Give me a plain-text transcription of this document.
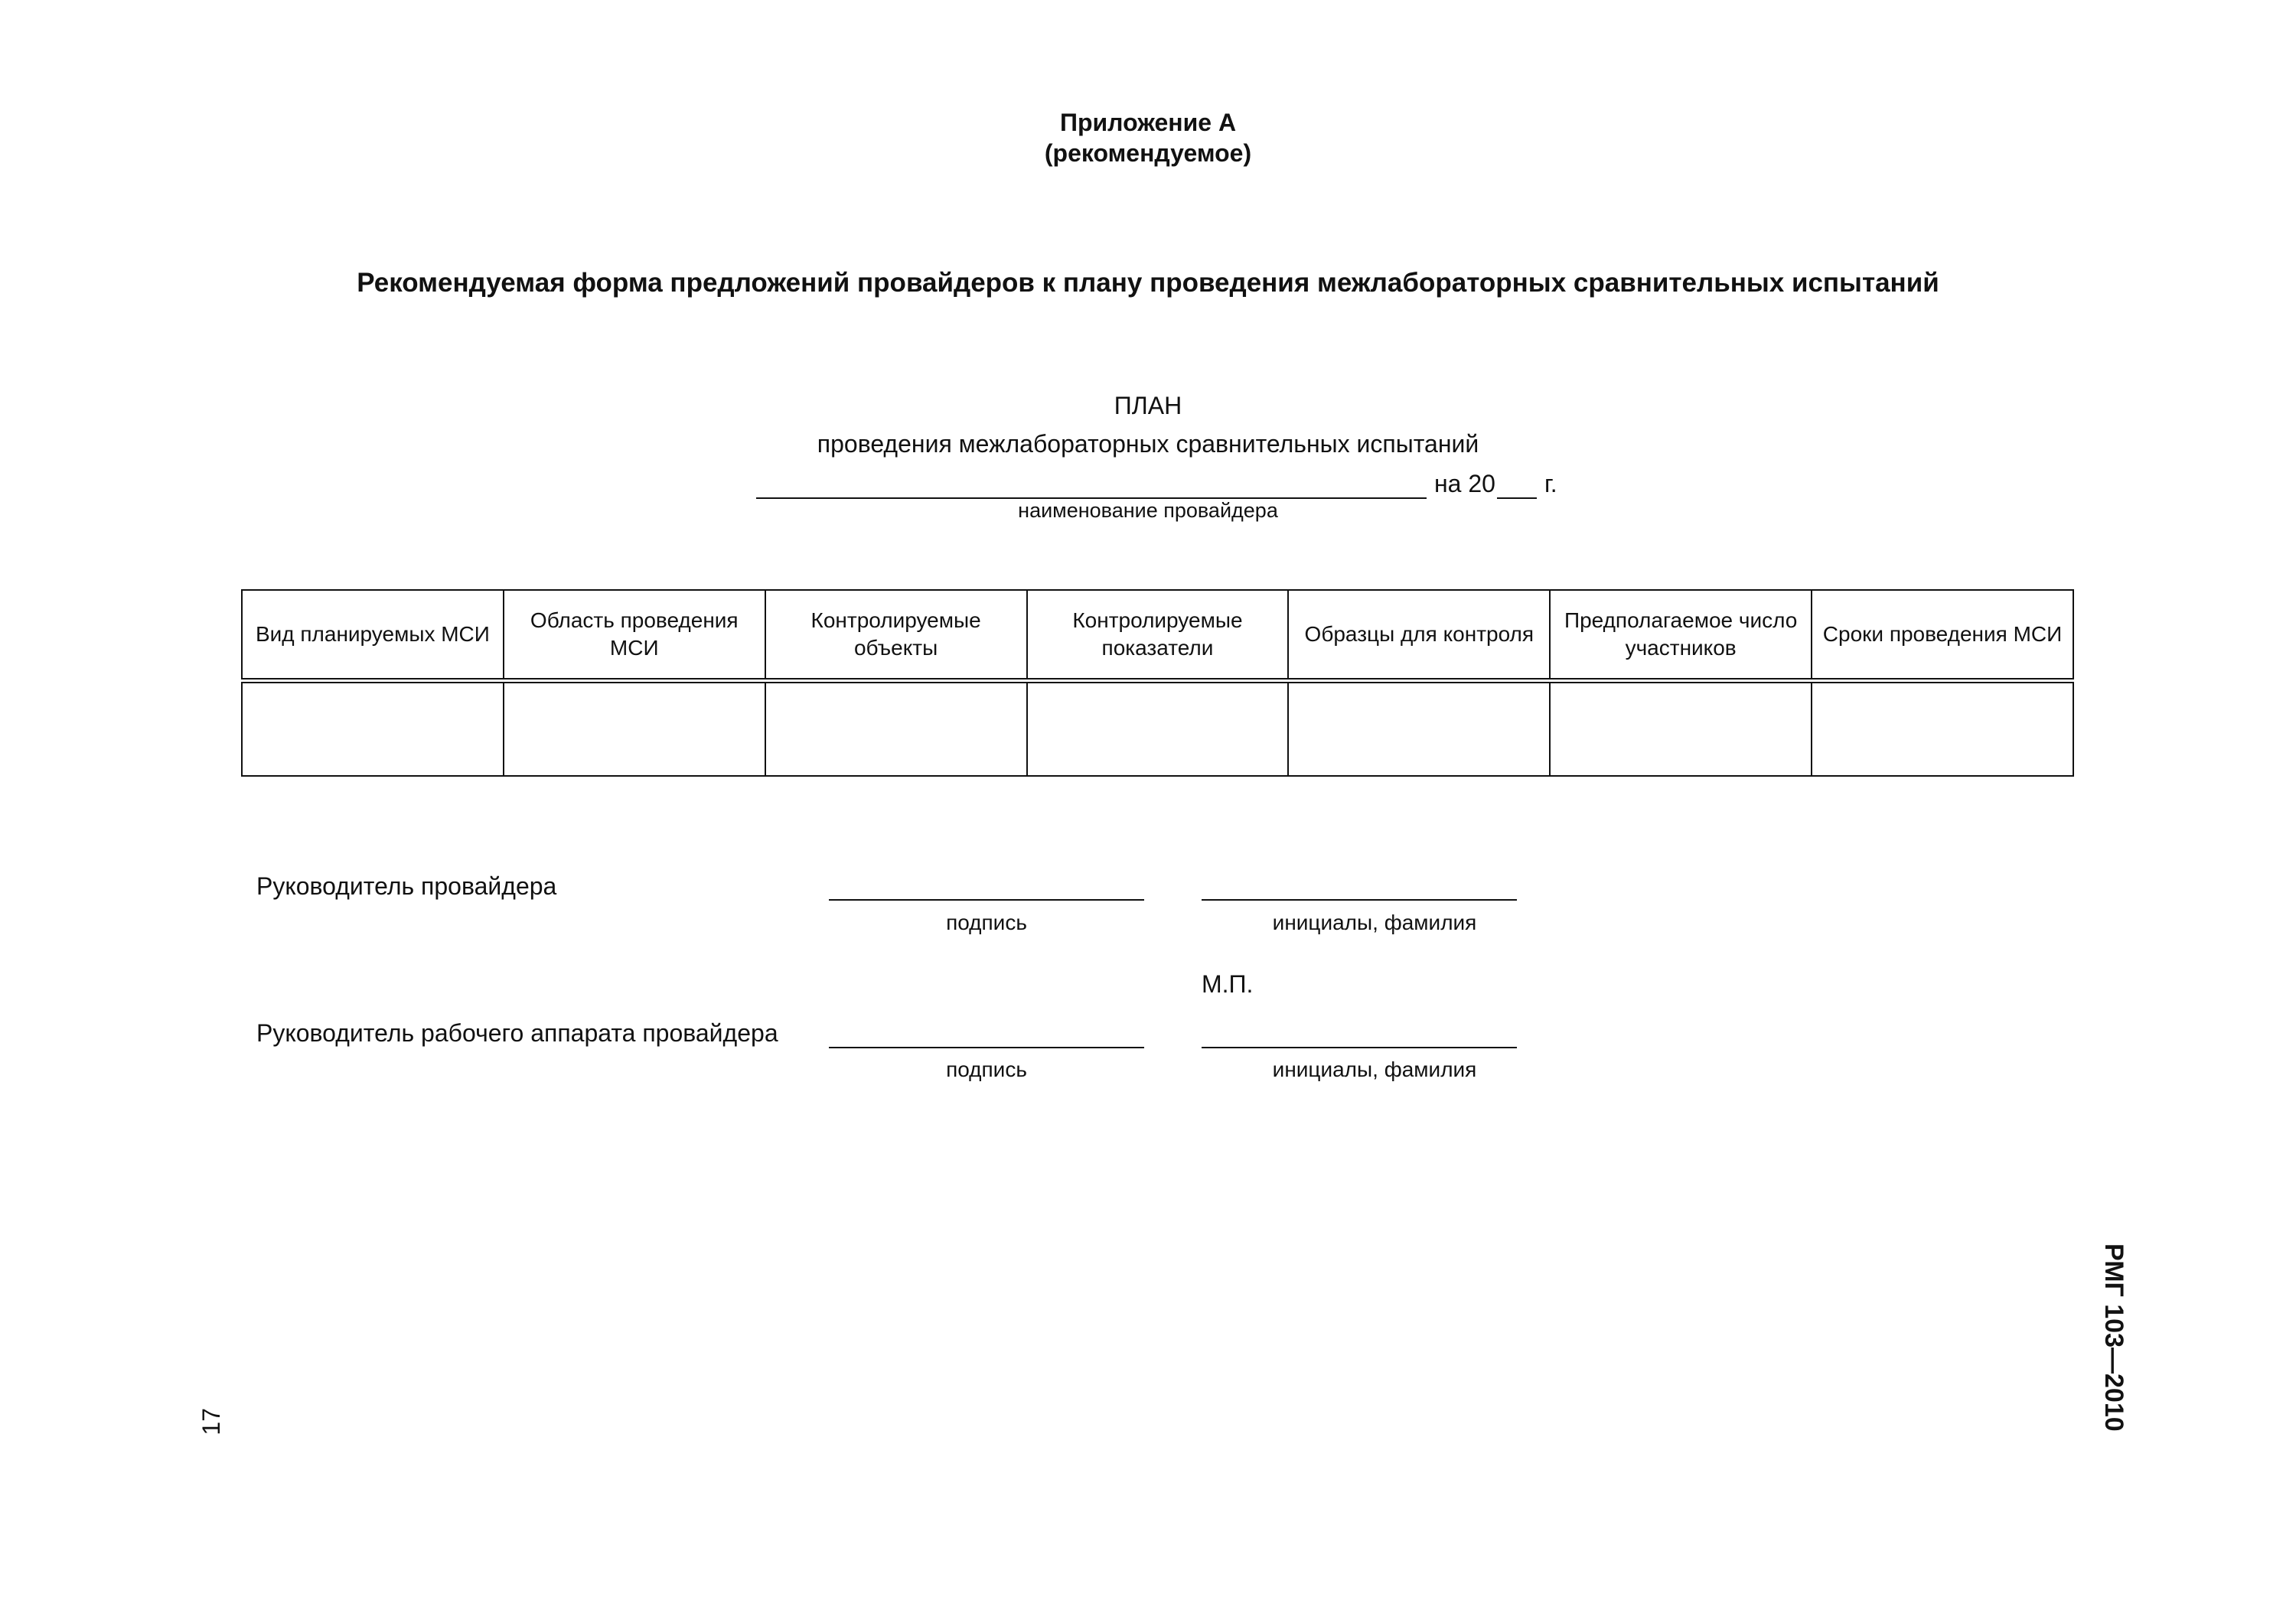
Приложение А
(рекомендуемое)
Рекомендуемая форма предложений провайдеров к плану проведения межлабораторных сравнительных испытаний
ПЛАН
проведения межлабораторных сравнительных испытаний
на 20 г.
наименование провайдера
Вид планируемых МСИ	Область проведения МСИ	Контролируемые объекты	Контролируемые показатели	Образцы для контроля	Предполагаемое число участников	Сроки проведения МСИ

Руководитель провайдера
подпись	инициалы, фамилия
М.П.
Руководитель рабочего аппарата провайдера
подпись	инициалы, фамилия
РМГ 103—2010
17
